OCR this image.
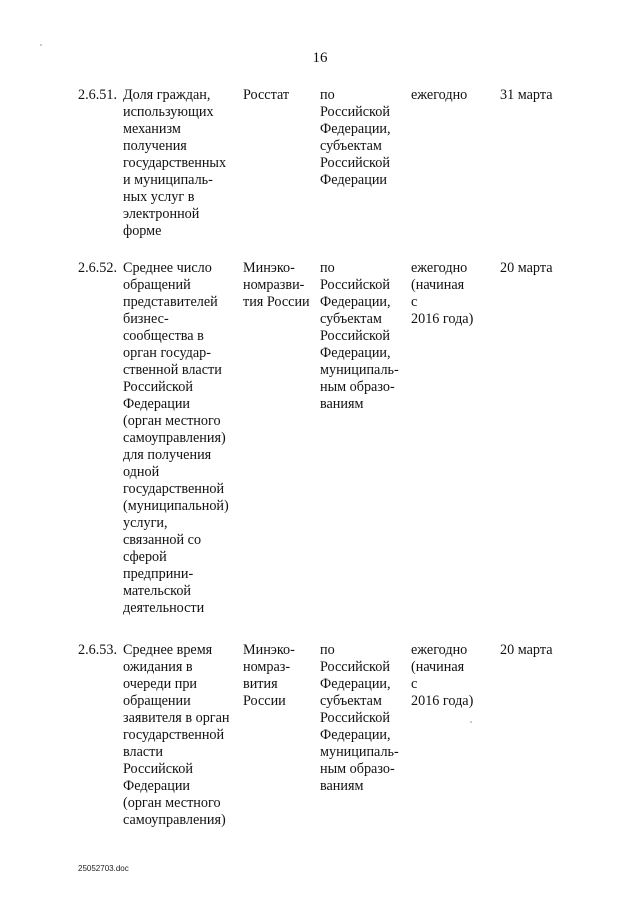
16
2.6.51. Доля граждан,
использующих
механизм
получения
государственных
и муниципаль-
ных услуг в
электронной
форме
Росстат	по
Российской
Федерации,
субъектам
Российской
Федерации
ежегодно	31 марта
2.6.52. Среднее число
обращений
представителей
бизнес-
сообщества в
орган государ-
ственной власти
Российской
Федерации
(орган местного
самоуправления)
для получения
одной
государственной
(муниципальной)
услуги,
связанной со
сферой
предприни-
мательской
деятельности
Минэко-
номразви-
тия России
по
Российской
Федерации,
субъектам
Российской
Федерации,
муниципаль-
ным образо-
ваниям
ежегодно
(начиная
с
2016 года)
20 марта
2.6.53. Среднее время
ожидания в
очереди при
обращении
заявителя в орган
государственной
власти
Российской
Федерации
(орган местного
самоуправления)
Минэко-
номраз-
вития
России
по
Российской
Федерации,
субъектам
Российской
Федерации,
муниципаль-
ным образо-
ваниям
ежегодно
(начиная
с
2016 года)
20 марта
25052703.doc
